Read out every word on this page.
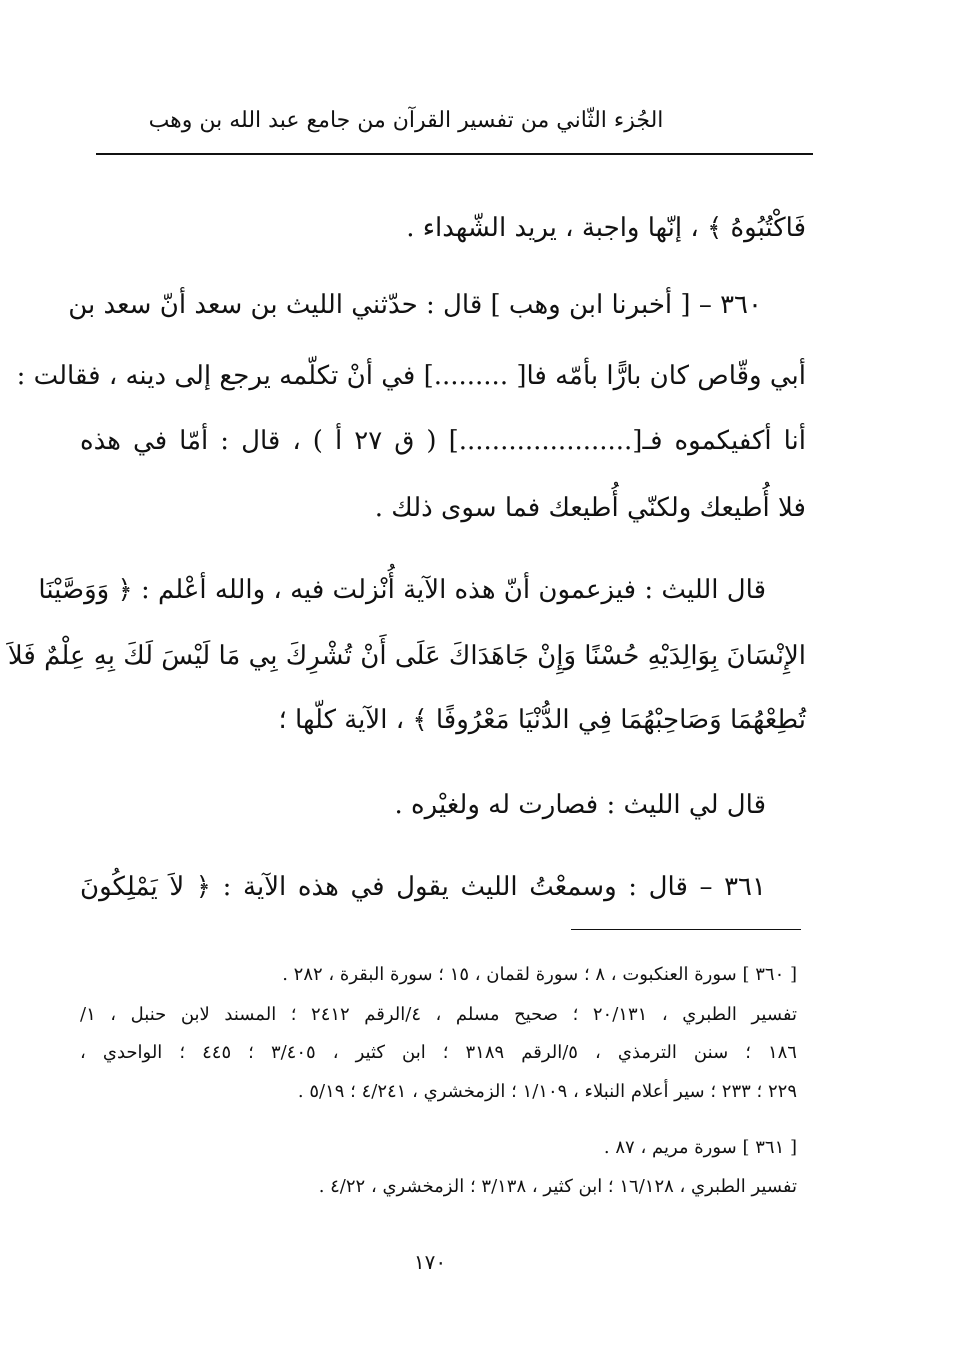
الجُزء الثّاني من تفسير القرآن من جامع عبد الله بن وهب
فَاكْتُبُوهُ ﴾ ، إنّها واجبة ، يريد الشّهداء .
٣٦٠ – [ أخبرنا ابن وهب ] قال : حدّثني الليث بن سعد أنّ سعد بن
أبي وقّاص كان بارًّا بأمّه فا[ .........] في أنْ تكلّمه يرجع إلى دينه ، فقالت :
أنا أكفيكموه فـ[.....................] ( ق ٢٧ أ ) ، قال : أمّا في هذه
فلا أُطيعك ولكنّي أُطيعك فما سوى ذلك .
قال الليث : فيزعمون أنّ هذه الآية أُنْزلت فيه ، والله أعْلم : ﴿ وَوَصَّيْنَا
الإِنْسَانَ بِوَالِدَيْهِ حُسْنًا وَإِنْ جَاهَدَاكَ عَلَى أَنْ تُشْرِكَ بِي مَا لَيْسَ لَكَ بِهِ عِلْمٌ فَلاَ
تُطِعْهُمَا وَصَاحِبْهُمَا فِي الدُّنْيَا مَعْرُوفًا ﴾ ، الآية كلّها ؛
قال لي الليث : فصارت له ولغيْره .
٣٦١ – قال : وسمعْتُ الليث يقول في هذه الآية : ﴿ لاَ يَمْلِكُونَ
[ ٣٦٠ ] سورة العنكبوت ، ٨ ؛ سورة لقمان ، ١٥ ؛ سورة البقرة ، ٢٨٢ .
تفسير الطبري ، ٢٠/١٣١ ؛ صحيح مسلم ، ٤/الرقم ٢٤١٢ ؛ المسند لابن حنبل ، ١/
١٨٦ ؛ سنن الترمذي ، ٥/الرقم ٣١٨٩ ؛ ابن كثير ، ٣/٤٠٥ ؛ ٤٤٥ ؛ الواحدي ،
٢٢٩ ؛ ٢٣٣ ؛ سير أعلام النبلاء ، ١/١٠٩ ؛ الزمخشري ، ٤/٢٤١ ؛ ٥/١٩ .
[ ٣٦١ ] سورة مريم ، ٨٧ .
تفسير الطبري ، ١٦/١٢٨ ؛ ابن كثير ، ٣/١٣٨ ؛ الزمخشري ، ٤/٢٢ .
١٧٠
